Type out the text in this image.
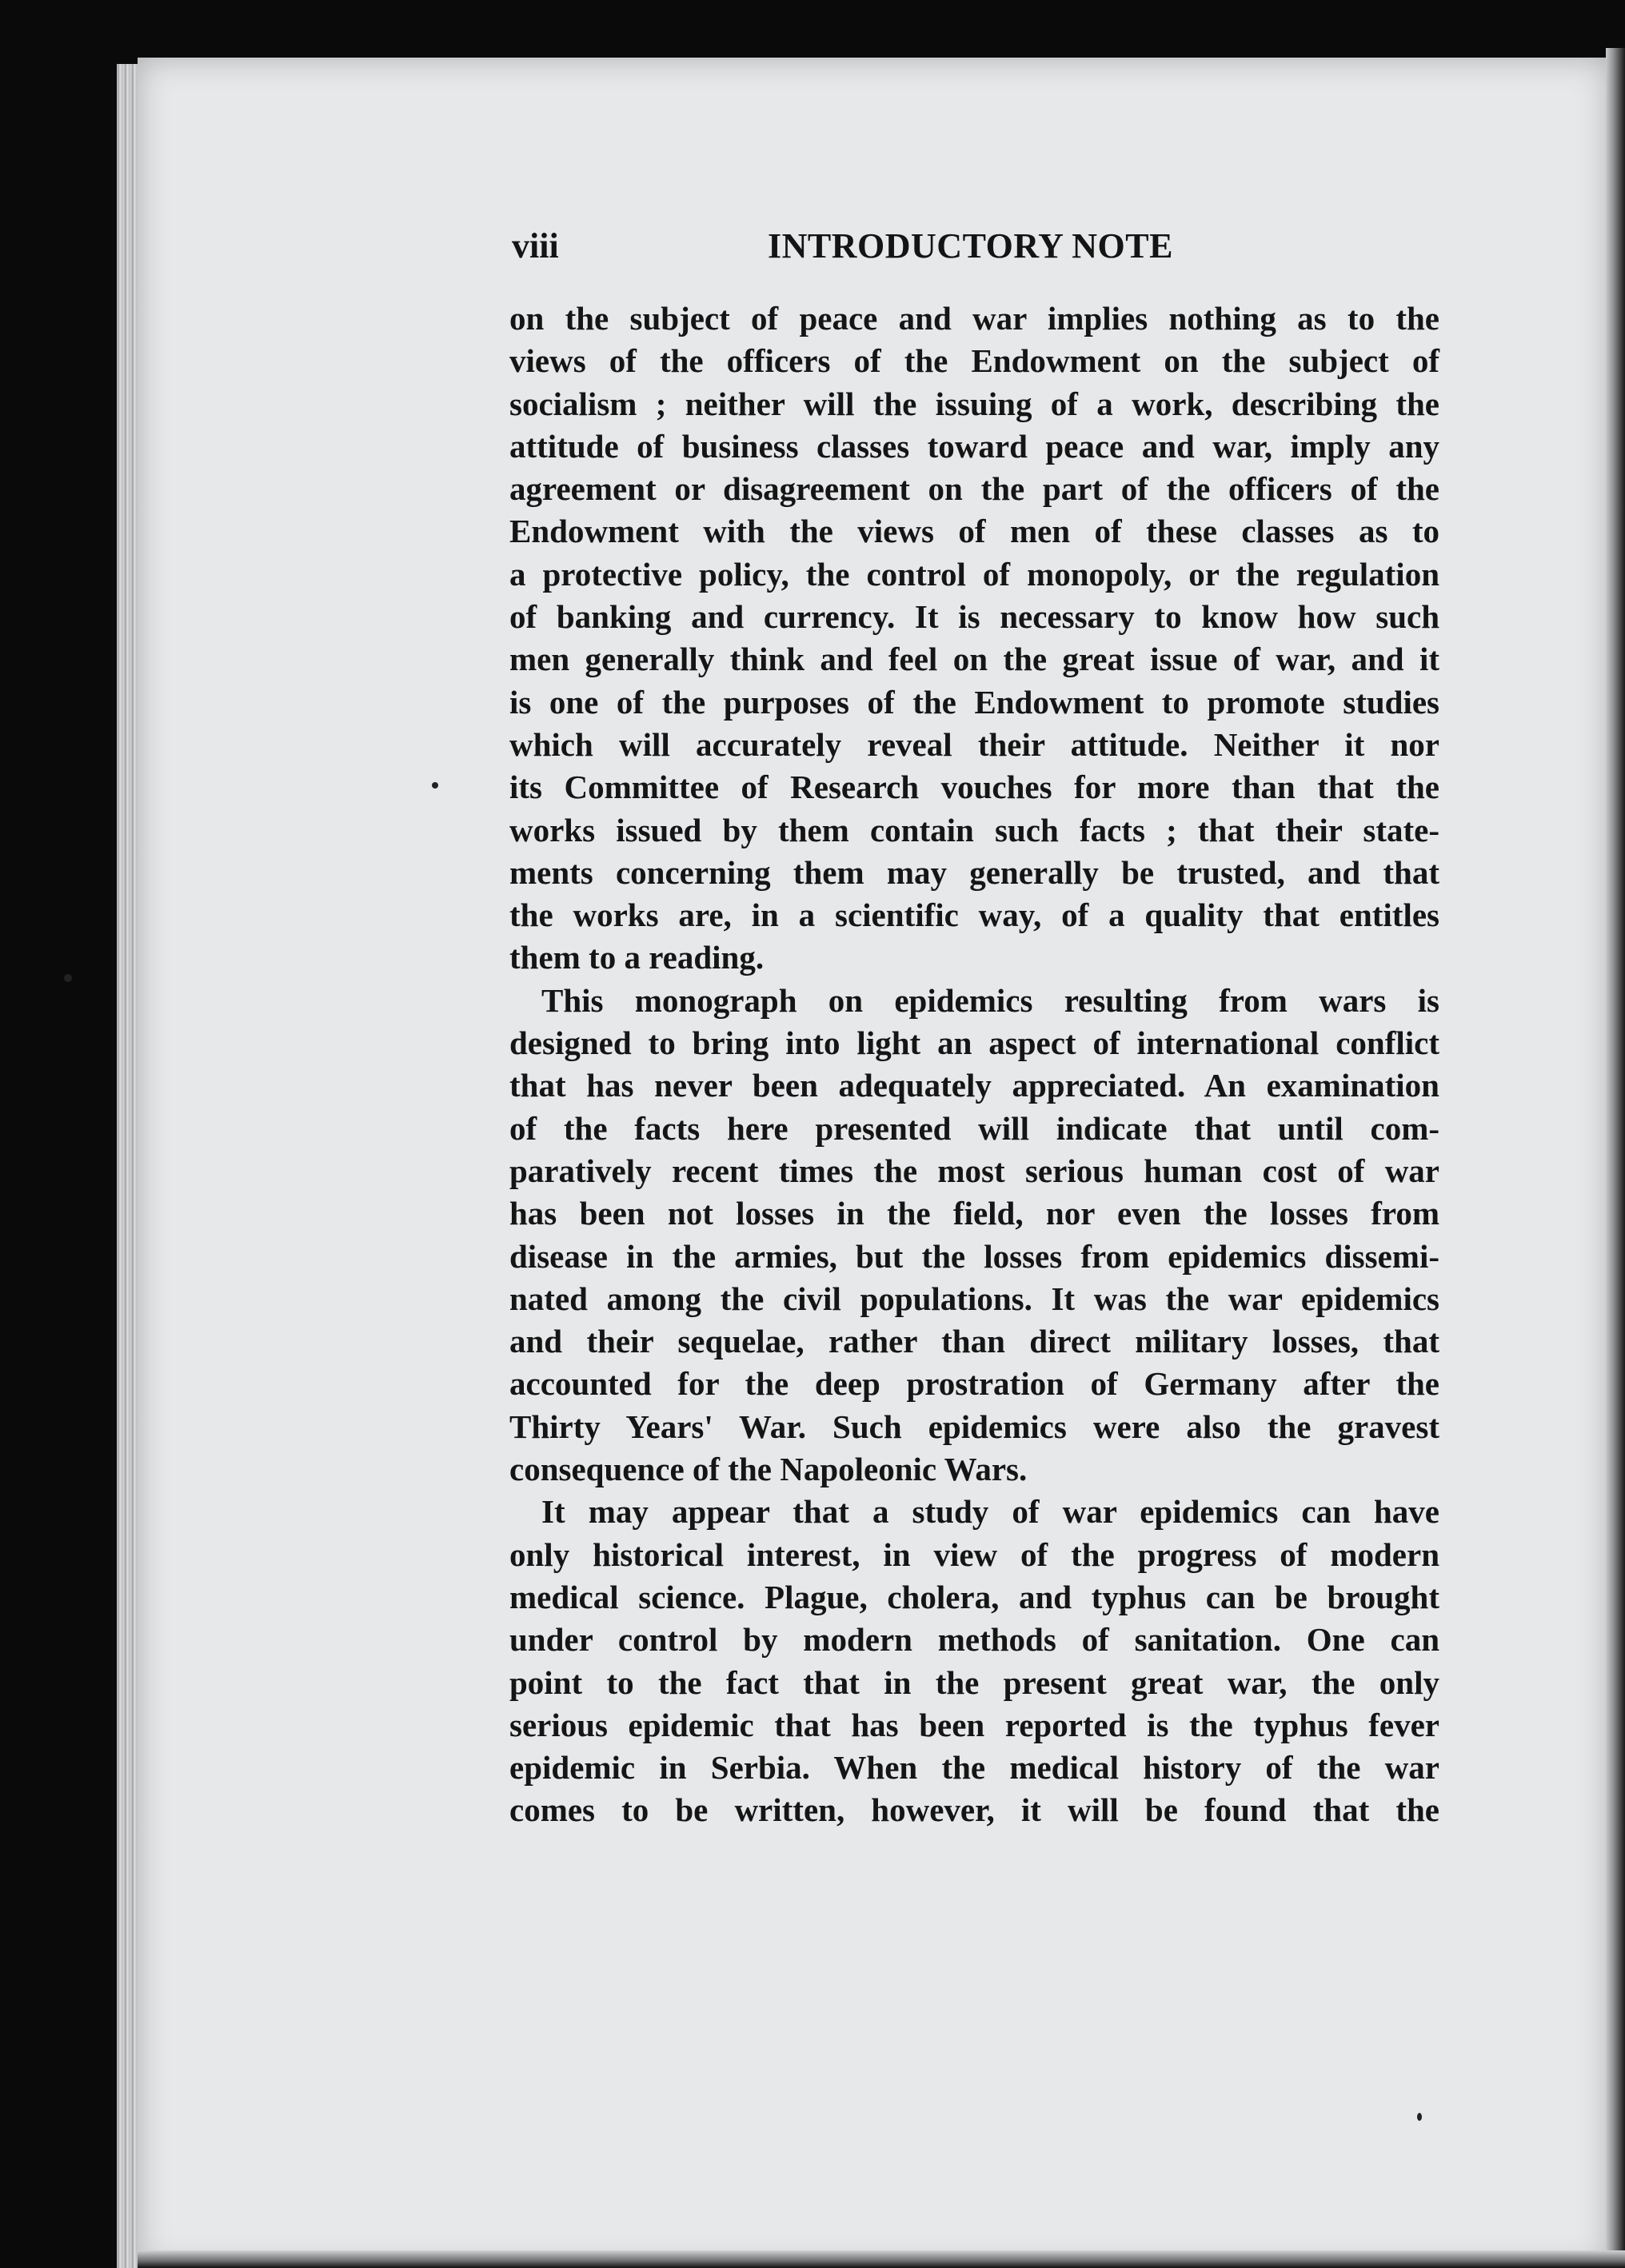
viii	INTRODUCTORY NOTE
on the subject of peace and war implies nothing as to the
views of the officers of the Endowment on the subject of
socialism ; neither will the issuing of a work, describing the
attitude of business classes toward peace and war, imply any
agreement or disagreement on the part of the officers of the
Endowment with the views of men of these classes as to
a protective policy, the control of monopoly, or the regulation
of banking and currency. It is necessary to know how such
men generally think and feel on the great issue of war, and it
is one of the purposes of the Endowment to promote studies
which will accurately reveal their attitude. Neither it nor
its Committee of Research vouches for more than that the
works issued by them contain such facts ; that their state-
ments concerning them may generally be trusted, and that
the works are, in a scientific way, of a quality that entitles
them to a reading.
This monograph on epidemics resulting from wars is
designed to bring into light an aspect of international conflict
that has never been adequately appreciated. An examination
of the facts here presented will indicate that until com-
paratively recent times the most serious human cost of war
has been not losses in the field, nor even the losses from
disease in the armies, but the losses from epidemics dissemi-
nated among the civil populations. It was the war epidemics
and their sequelae, rather than direct military losses, that
accounted for the deep prostration of Germany after the
Thirty Years' War. Such epidemics were also the gravest
consequence of the Napoleonic Wars.
It may appear that a study of war epidemics can have
only historical interest, in view of the progress of modern
medical science. Plague, cholera, and typhus can be brought
under control by modern methods of sanitation. One can
point to the fact that in the present great war, the only
serious epidemic that has been reported is the typhus fever
epidemic in Serbia. When the medical history of the war
comes to be written, however, it will be found that the
